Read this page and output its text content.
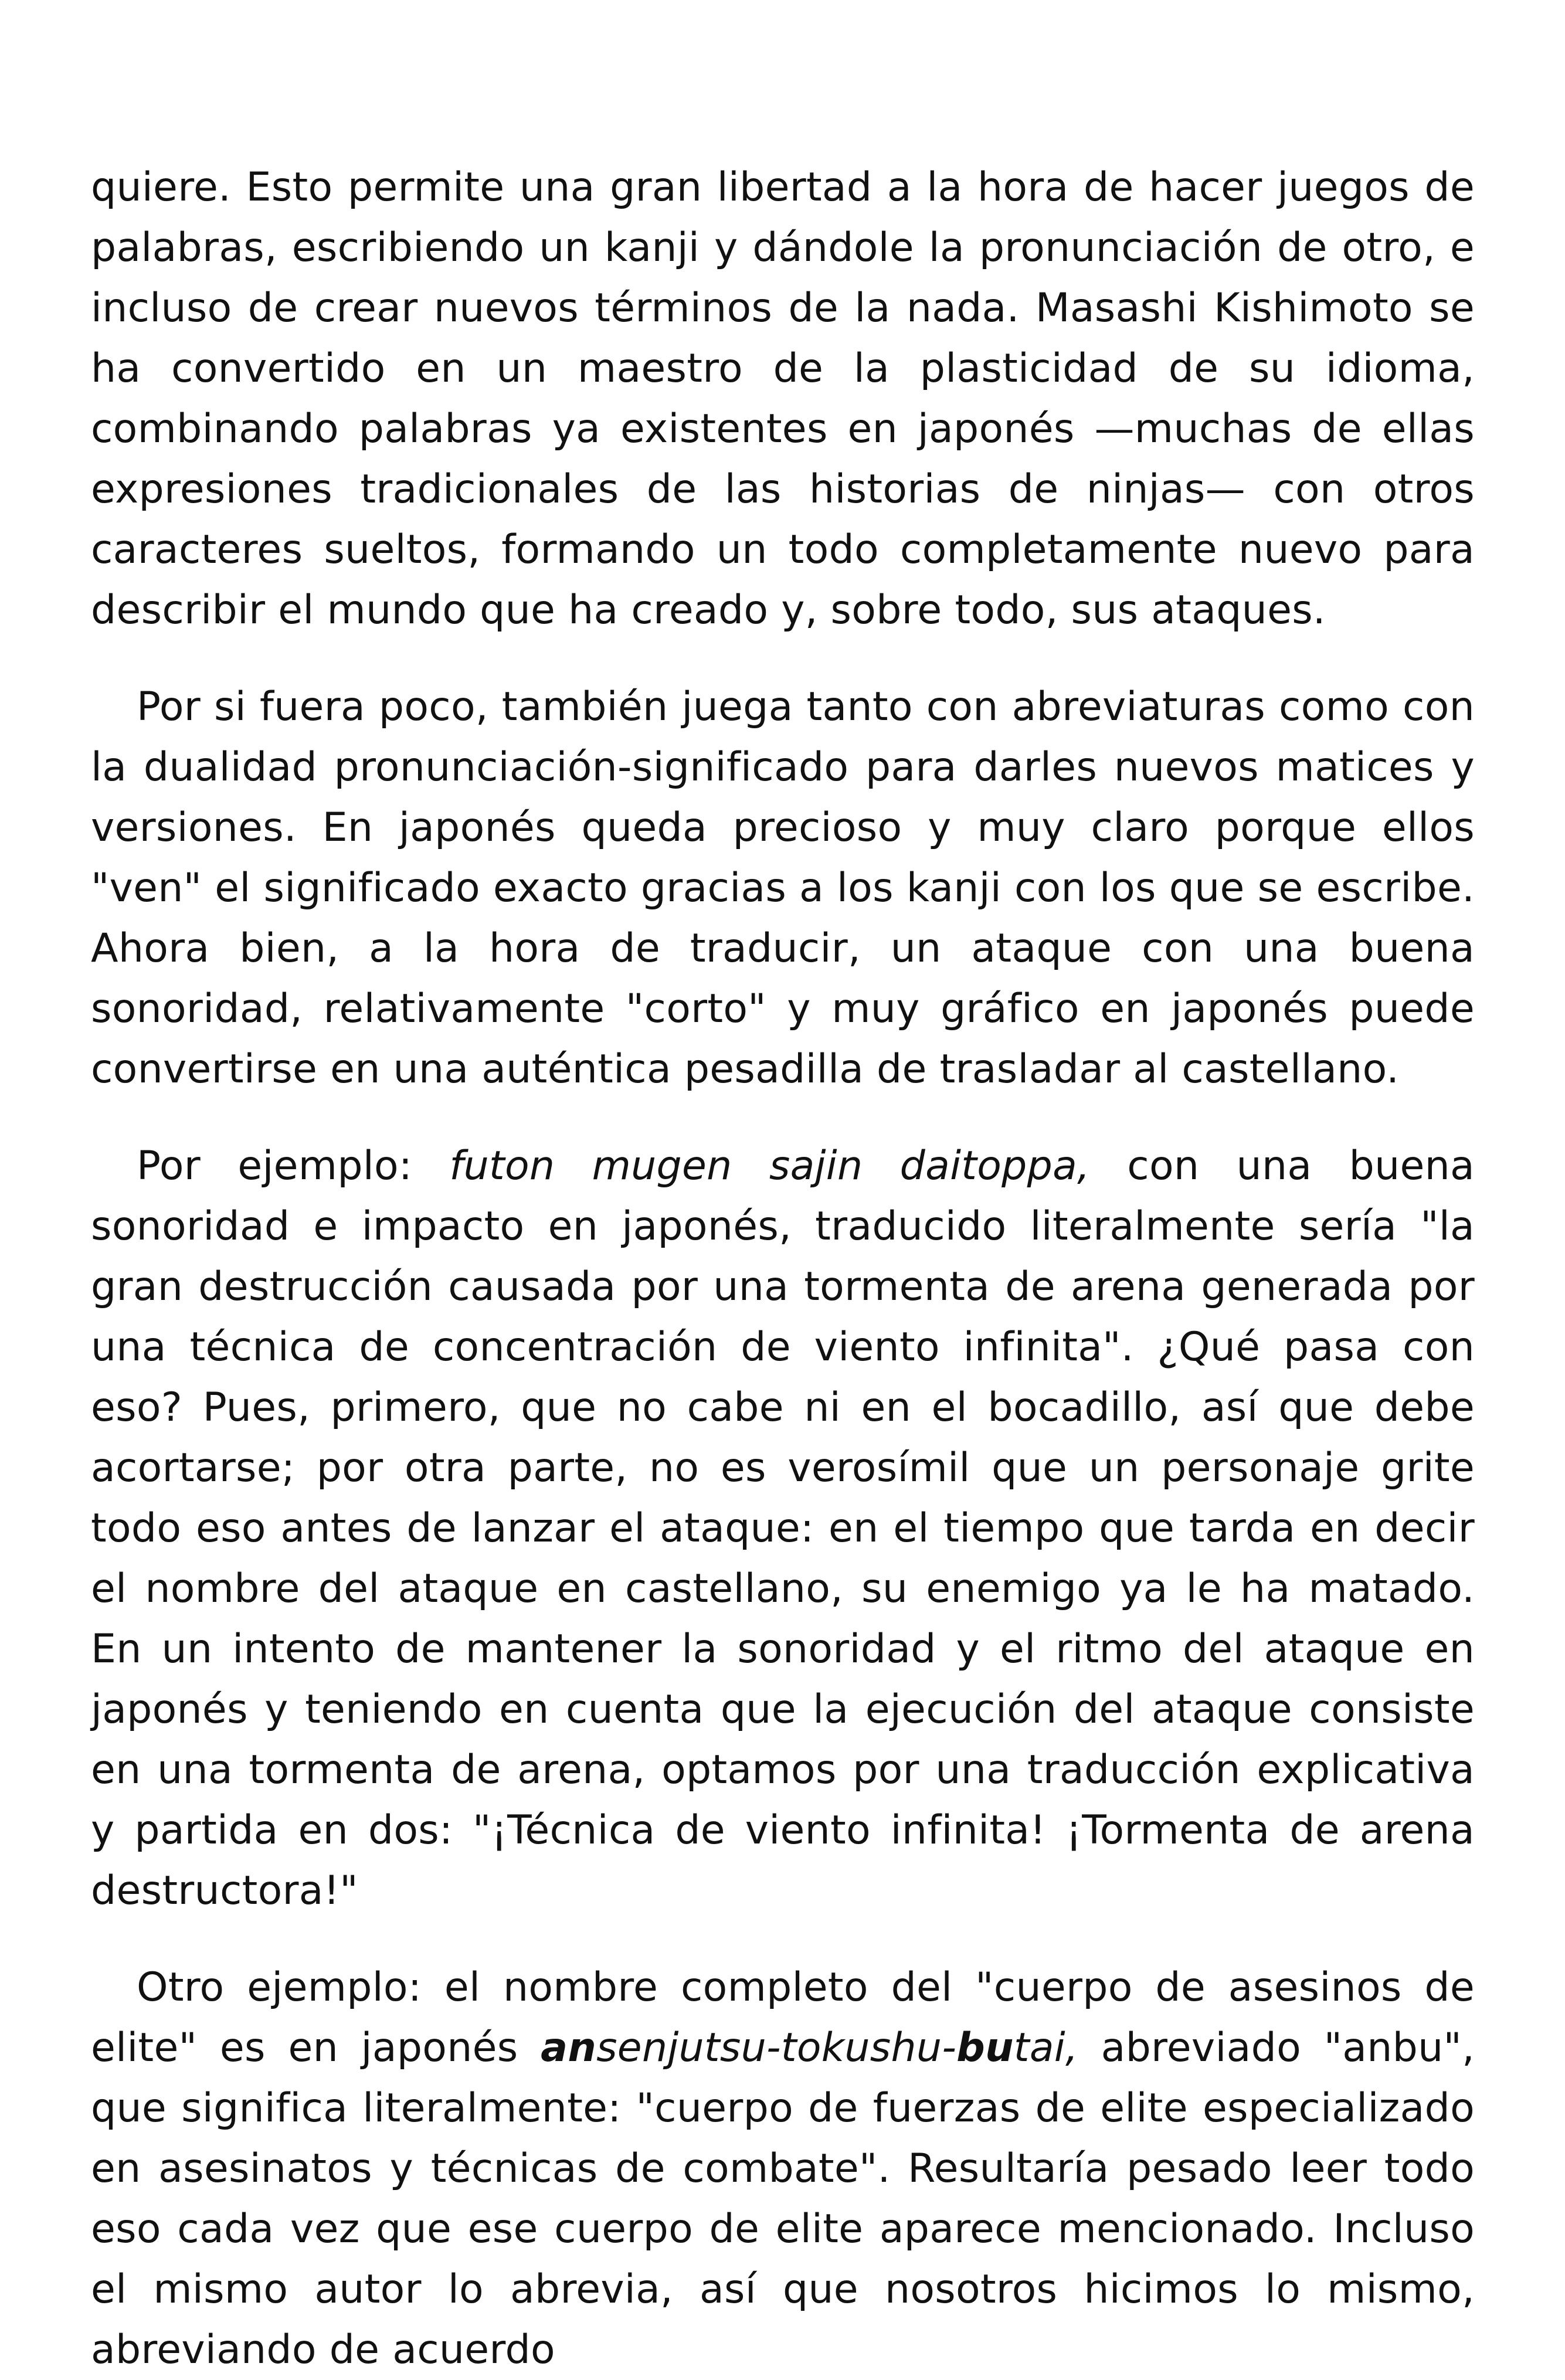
quiere. Esto permite una gran libertad a la hora de hacer juegos de palabras, escribiendo un kanji y dándole la pronunciación de otro, e incluso de crear nuevos términos de la nada. Masashi Kishimoto se ha convertido en un maestro de la plasticidad de su idioma, combinando palabras ya existentes en japonés —muchas de ellas expresiones tradicionales de las historias de ninjas— con otros caracteres sueltos, formando un todo completamente nuevo para describir el mundo que ha creado y, sobre todo, sus ataques.

Por si fuera poco, también juega tanto con abreviaturas como con la dualidad pronunciación-significado para darles nuevos matices y versiones. En japonés queda precioso y muy claro porque ellos "ven" el significado exacto gracias a los kanji con los que se escribe. Ahora bien, a la hora de traducir, un ataque con una buena sonoridad, relativamente "corto" y muy gráfico en japonés puede convertirse en una auténtica pesadilla de trasladar al castellano.

Por ejemplo: futon mugen sajin daitoppa, con una buena sonoridad e impacto en japonés, traducido literalmente sería "la gran destrucción causada por una tormenta de arena generada por una técnica de concentración de viento infinita". ¿Qué pasa con eso? Pues, primero, que no cabe ni en el bocadillo, así que debe acortarse; por otra parte, no es verosímil que un personaje grite todo eso antes de lanzar el ataque: en el tiempo que tarda en decir el nombre del ataque en castellano, su enemigo ya le ha matado. En un intento de mantener la sonoridad y el ritmo del ataque en japonés y teniendo en cuenta que la ejecución del ataque consiste en una tormenta de arena, optamos por una traducción explicativa y partida en dos: "¡Técnica de viento infinita! ¡Tormenta de arena destructora!"

Otro ejemplo: el nombre completo del "cuerpo de asesinos de elite" es en japonés ansenjutsu-tokushu-butai, abreviado "anbu", que significa literalmente: "cuerpo de fuerzas de elite especializado en asesinatos y técnicas de combate". Resultaría pesado leer todo eso cada vez que ese cuerpo de elite aparece mencionado. Incluso el mismo autor lo abrevia, así que nosotros hicimos lo mismo, abreviando de acuerdo
